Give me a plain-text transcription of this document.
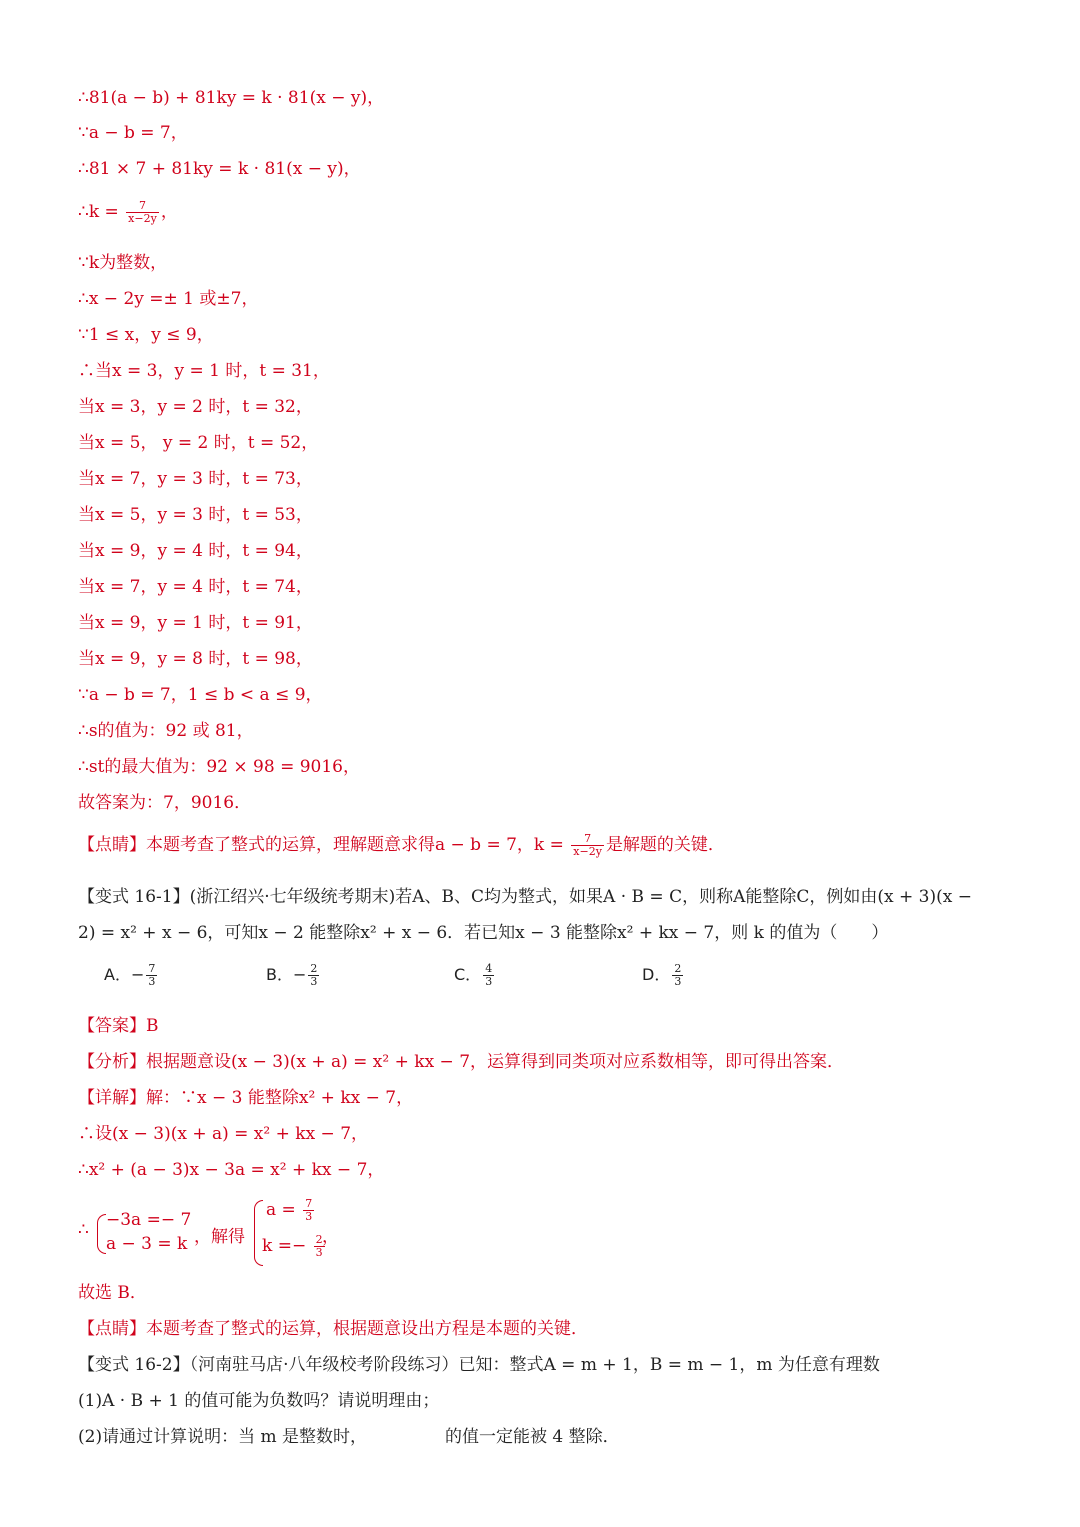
∴81(a − b) + 81ky = k · 81(x − y)，
∵a − b = 7，
∴81 × 7 + 81ky = k · 81(x − y)，
∴k = $\frac{7}{x-2y}$ ，
∵k为整数，
∴x − 2y =± 1 或±7，
∵1 ≤ x，y ≤ 9，
∴当x = 3，y = 1 时，t = 31，
当x = 3，y = 2 时，t = 32，
当x = 5， y = 2 时，t = 52，
当x = 7，y = 3 时，t = 73，
当x = 5，y = 3 时，t = 53，
当x = 9，y = 4 时，t = 94，
当x = 7，y = 4 时，t = 74，
当x = 9，y = 1 时，t = 91，
当x = 9，y = 8 时，t = 98，
∵a − b = 7，1 ≤ b < a ≤ 9，
∴s的值为：92 或 81，
∴st的最大值为：92 × 98 = 9016，
故答案为：7，9016．
【点睛】本题考查了整式的运算，理解题意求得a − b = 7，$k = \frac{7}{x-2y}$ 是解题的关键．
【变式 16-1】(浙江绍兴·七年级统考期末)若A、B、C均为整式，如果A · B = C，则称A能整除C，例如由(x + 3)(x −
2) = x² + x − 6，可知x − 2 能整除x² + x − 6．若已知x − 3 能整除x² + kx − 7，则 k 的值为（　　）
A．− $\frac{7}{3}$	B．− $\frac{2}{3}$	C． $\frac{4}{3}$	D． $\frac{2}{3}$
【答案】B
【分析】根据题意设(x − 3)(x + a) = x² + kx − 7，运算得到同类项对应系数相等，即可得出答案．
【详解】解：∵x − 3 能整除x² + kx − 7，
∴设(x − 3)(x + a) = x² + kx − 7，
∴x² + (a − 3)x − 3a = x² + kx − 7，
∴ −3a =− 7
a − 3 = k ，解得
$a = \frac{7}{3}$
$k =- \frac{2}{3}$
，
故选 B．
【点睛】本题考查了整式的运算，根据题意设出方程是本题的关键．
【变式 16-2】（河南驻马店·八年级校考阶段练习）已知：整式A = m + 1，B = m − 1，m 为任意有理数
(1)A · B + 1 的值可能为负数吗？请说明理由；
(2)请通过计算说明：当 m 是整数时，	的值一定能被 4 整除．
